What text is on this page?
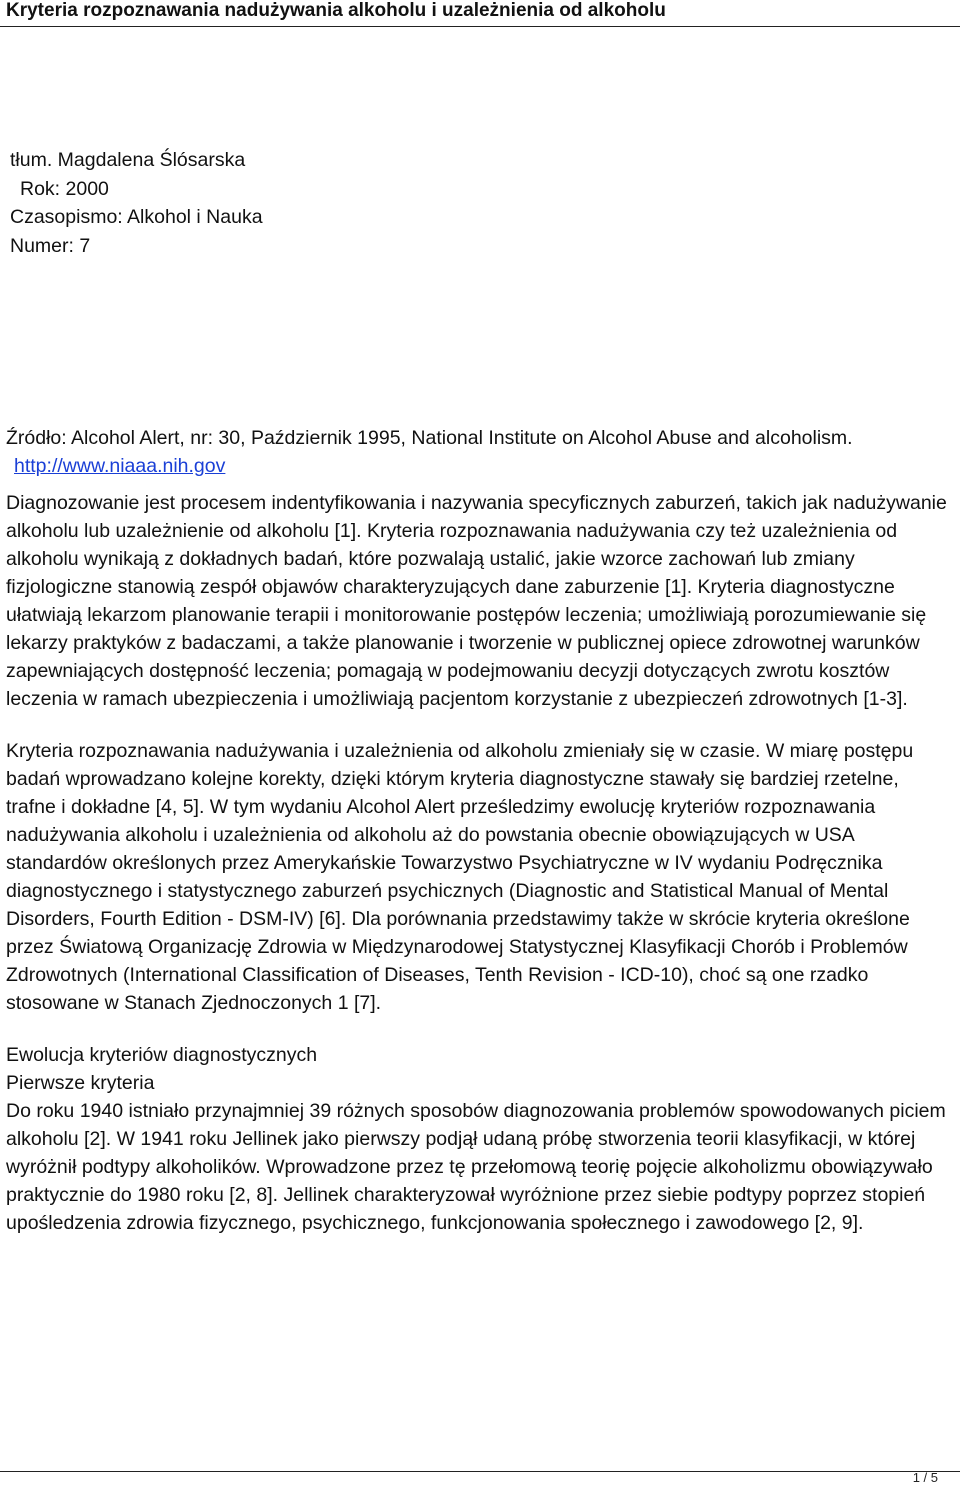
Kryteria rozpoznawania nadużywania alkoholu i uzależnienia od alkoholu
tłum. Magdalena Ślósarska
Rok: 2000
Czasopismo: Alkohol i Nauka
Numer: 7

Źródło: Alcohol Alert, nr: 30, Październik 1995, National Institute on Alcohol Abuse and alcoholism.

http://www.niaaa.nih.gov

Diagnozowanie jest procesem indentyfikowania i nazywania specyficznych zaburzeń, takich jak nadużywanie alkoholu lub uzależnienie od alkoholu [1]. Kryteria rozpoznawania nadużywania czy też uzależnienia od alkoholu wynikają z dokładnych badań, które pozwalają ustalić, jakie wzorce zachowań lub zmiany fizjologiczne stanowią zespół objawów charakteryzujących dane zaburzenie [1]. Kryteria diagnostyczne ułatwiają lekarzom planowanie terapii i monitorowanie postępów leczenia; umożliwiają porozumiewanie się lekarzy praktyków z badaczami, a także planowanie i tworzenie w publicznej opiece zdrowotnej warunków zapewniających dostępność leczenia; pomagają w podejmowaniu decyzji dotyczących zwrotu kosztów leczenia w ramach ubezpieczenia i umożliwiają pacjentom korzystanie z ubezpieczeń zdrowotnych [1-3].

Kryteria rozpoznawania nadużywania i uzależnienia od alkoholu zmieniały się w czasie. W miarę postępu badań wprowadzano kolejne korekty, dzięki którym kryteria diagnostyczne stawały się bardziej rzetelne, trafne i dokładne [4, 5]. W tym wydaniu Alcohol Alert prześledzimy ewolucję kryteriów rozpoznawania nadużywania alkoholu i uzależnienia od alkoholu aż do powstania obecnie obowiązujących w USA standardów określonych przez Amerykańskie Towarzystwo Psychiatryczne w IV wydaniu Podręcznika diagnostycznego i statystycznego zaburzeń psychicznych (Diagnostic and Statistical Manual of Mental Disorders, Fourth Edition - DSM-IV) [6]. Dla porównania przedstawimy także w skrócie kryteria określone przez Światową Organizację Zdrowia w Międzynarodowej Statystycznej Klasyfikacji Chorób i Problemów Zdrowotnych (International Classification of Diseases, Tenth Revision - ICD-10), choć są one rzadko stosowane w Stanach Zjednoczonych 1 [7].

Ewolucja kryteriów diagnostycznych

Pierwsze kryteria

Do roku 1940 istniało przynajmniej 39 różnych sposobów diagnozowania problemów spowodowanych piciem alkoholu [2]. W 1941 roku Jellinek jako pierwszy podjął udaną próbę stworzenia teorii klasyfikacji, w której wyróżnił podtypy alkoholików. Wprowadzone przez tę przełomową teorię pojęcie alkoholizmu obowiązywało praktycznie do 1980 roku [2, 8]. Jellinek charakteryzował wyróżnione przez siebie podtypy poprzez stopień upośledzenia zdrowia fizycznego, psychicznego, funkcjonowania społecznego i zawodowego [2, 9].

1 / 5
